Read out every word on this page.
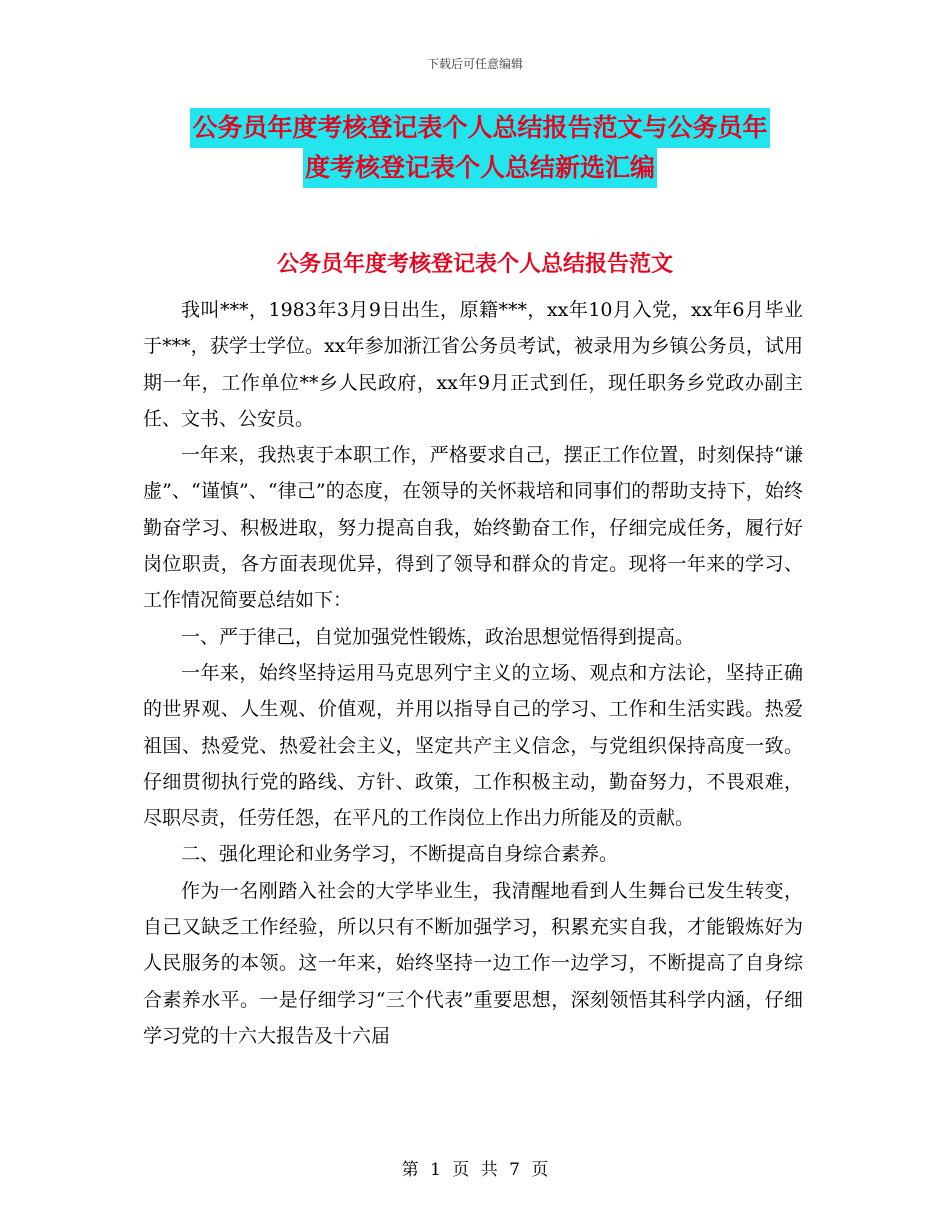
下载后可任意编辑
公务员年度考核登记表个人总结报告范文与公务员年
度考核登记表个人总结新选汇编
公务员年度考核登记表个人总结报告范文

我叫***，1983年3月9日出生，原籍***，xx年10月入党，xx年6月毕业于***，获学士学位。xx年参加浙江省公务员考试，被录用为乡镇公务员，试用期一年，工作单位**乡人民政府，xx年9月正式到任，现任职务乡党政办副主任、文书、公安员。

一年来，我热衷于本职工作，严格要求自己，摆正工作位置，时刻保持“谦虚”、“谨慎”、“律己”的态度，在领导的关怀栽培和同事们的帮助支持下，始终勤奋学习、积极进取，努力提高自我，始终勤奋工作，仔细完成任务，履行好岗位职责，各方面表现优异，得到了领导和群众的肯定。现将一年来的学习、工作情况简要总结如下：

一、严于律己，自觉加强党性锻炼，政治思想觉悟得到提高。

一年来，始终坚持运用马克思列宁主义的立场、观点和方法论，坚持正确的世界观、人生观、价值观，并用以指导自己的学习、工作和生活实践。热爱祖国、热爱党、热爱社会主义，坚定共产主义信念，与党组织保持高度一致。仔细贯彻执行党的路线、方针、政策，工作积极主动，勤奋努力，不畏艰难，尽职尽责，任劳任怨，在平凡的工作岗位上作出力所能及的贡献。

二、强化理论和业务学习，不断提高自身综合素养。

作为一名刚踏入社会的大学毕业生，我清醒地看到人生舞台已发生转变，自己又缺乏工作经验，所以只有不断加强学习，积累充实自我，才能锻炼好为人民服务的本领。这一年来，始终坚持一边工作一边学习，不断提高了自身综合素养水平。一是仔细学习“三个代表”重要思想，深刻领悟其科学内涵，仔细学习党的十六大报告及十六届

第 1 页 共 7 页
